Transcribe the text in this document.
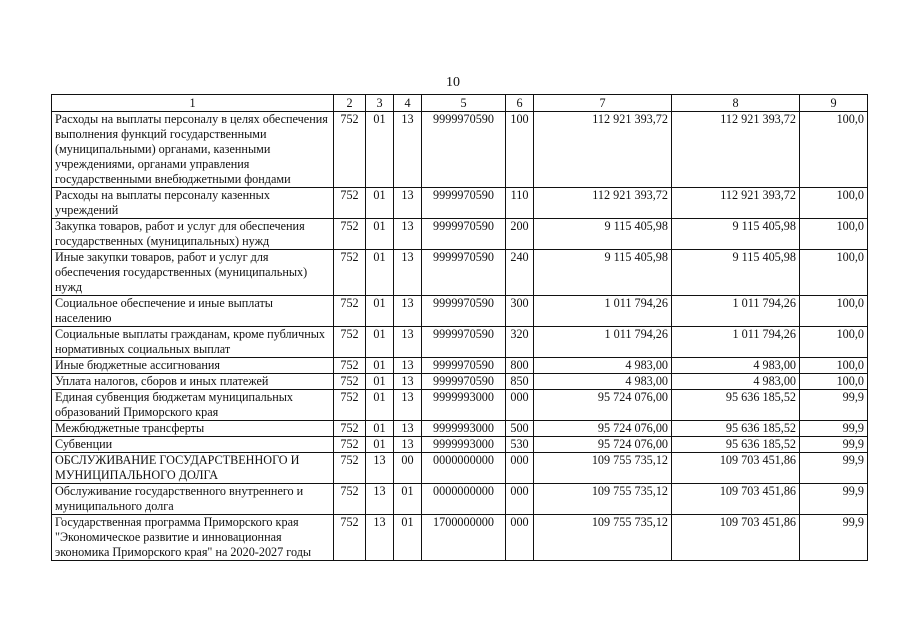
10
1	2	3	4	5	6	7	8	9
Расходы на выплаты персоналу в целях обеспечения выполнения функций государственными (муниципальными) органами, казенными учреждениями, органами управления государственными внебюджетными фондами	752	01	13	9999970590	100	112 921 393,72	112 921 393,72	100,0
Расходы на выплаты персоналу казенных учреждений	752	01	13	9999970590	110	112 921 393,72	112 921 393,72	100,0
Закупка товаров, работ и услуг для обеспечения государственных (муниципальных) нужд	752	01	13	9999970590	200	9 115 405,98	9 115 405,98	100,0
Иные закупки товаров, работ и услуг для обеспечения государственных (муниципальных) нужд	752	01	13	9999970590	240	9 115 405,98	9 115 405,98	100,0
Социальное обеспечение и иные выплаты населению	752	01	13	9999970590	300	1 011 794,26	1 011 794,26	100,0
Социальные выплаты гражданам, кроме публичных нормативных социальных выплат	752	01	13	9999970590	320	1 011 794,26	1 011 794,26	100,0
Иные бюджетные ассигнования	752	01	13	9999970590	800	4 983,00	4 983,00	100,0
Уплата налогов, сборов и иных платежей	752	01	13	9999970590	850	4 983,00	4 983,00	100,0
Единая субвенция бюджетам муниципальных образований Приморского края	752	01	13	9999993000	000	95 724 076,00	95 636 185,52	99,9
Межбюджетные трансферты	752	01	13	9999993000	500	95 724 076,00	95 636 185,52	99,9
Субвенции	752	01	13	9999993000	530	95 724 076,00	95 636 185,52	99,9
ОБСЛУЖИВАНИЕ ГОСУДАРСТВЕННОГО И МУНИЦИПАЛЬНОГО ДОЛГА	752	13	00	0000000000	000	109 755 735,12	109 703 451,86	99,9
Обслуживание государственного внутреннего и муниципального долга	752	13	01	0000000000	000	109 755 735,12	109 703 451,86	99,9
Государственная программа Приморского края "Экономическое развитие и инновационная экономика Приморского края" на 2020-2027 годы	752	13	01	1700000000	000	109 755 735,12	109 703 451,86	99,9
